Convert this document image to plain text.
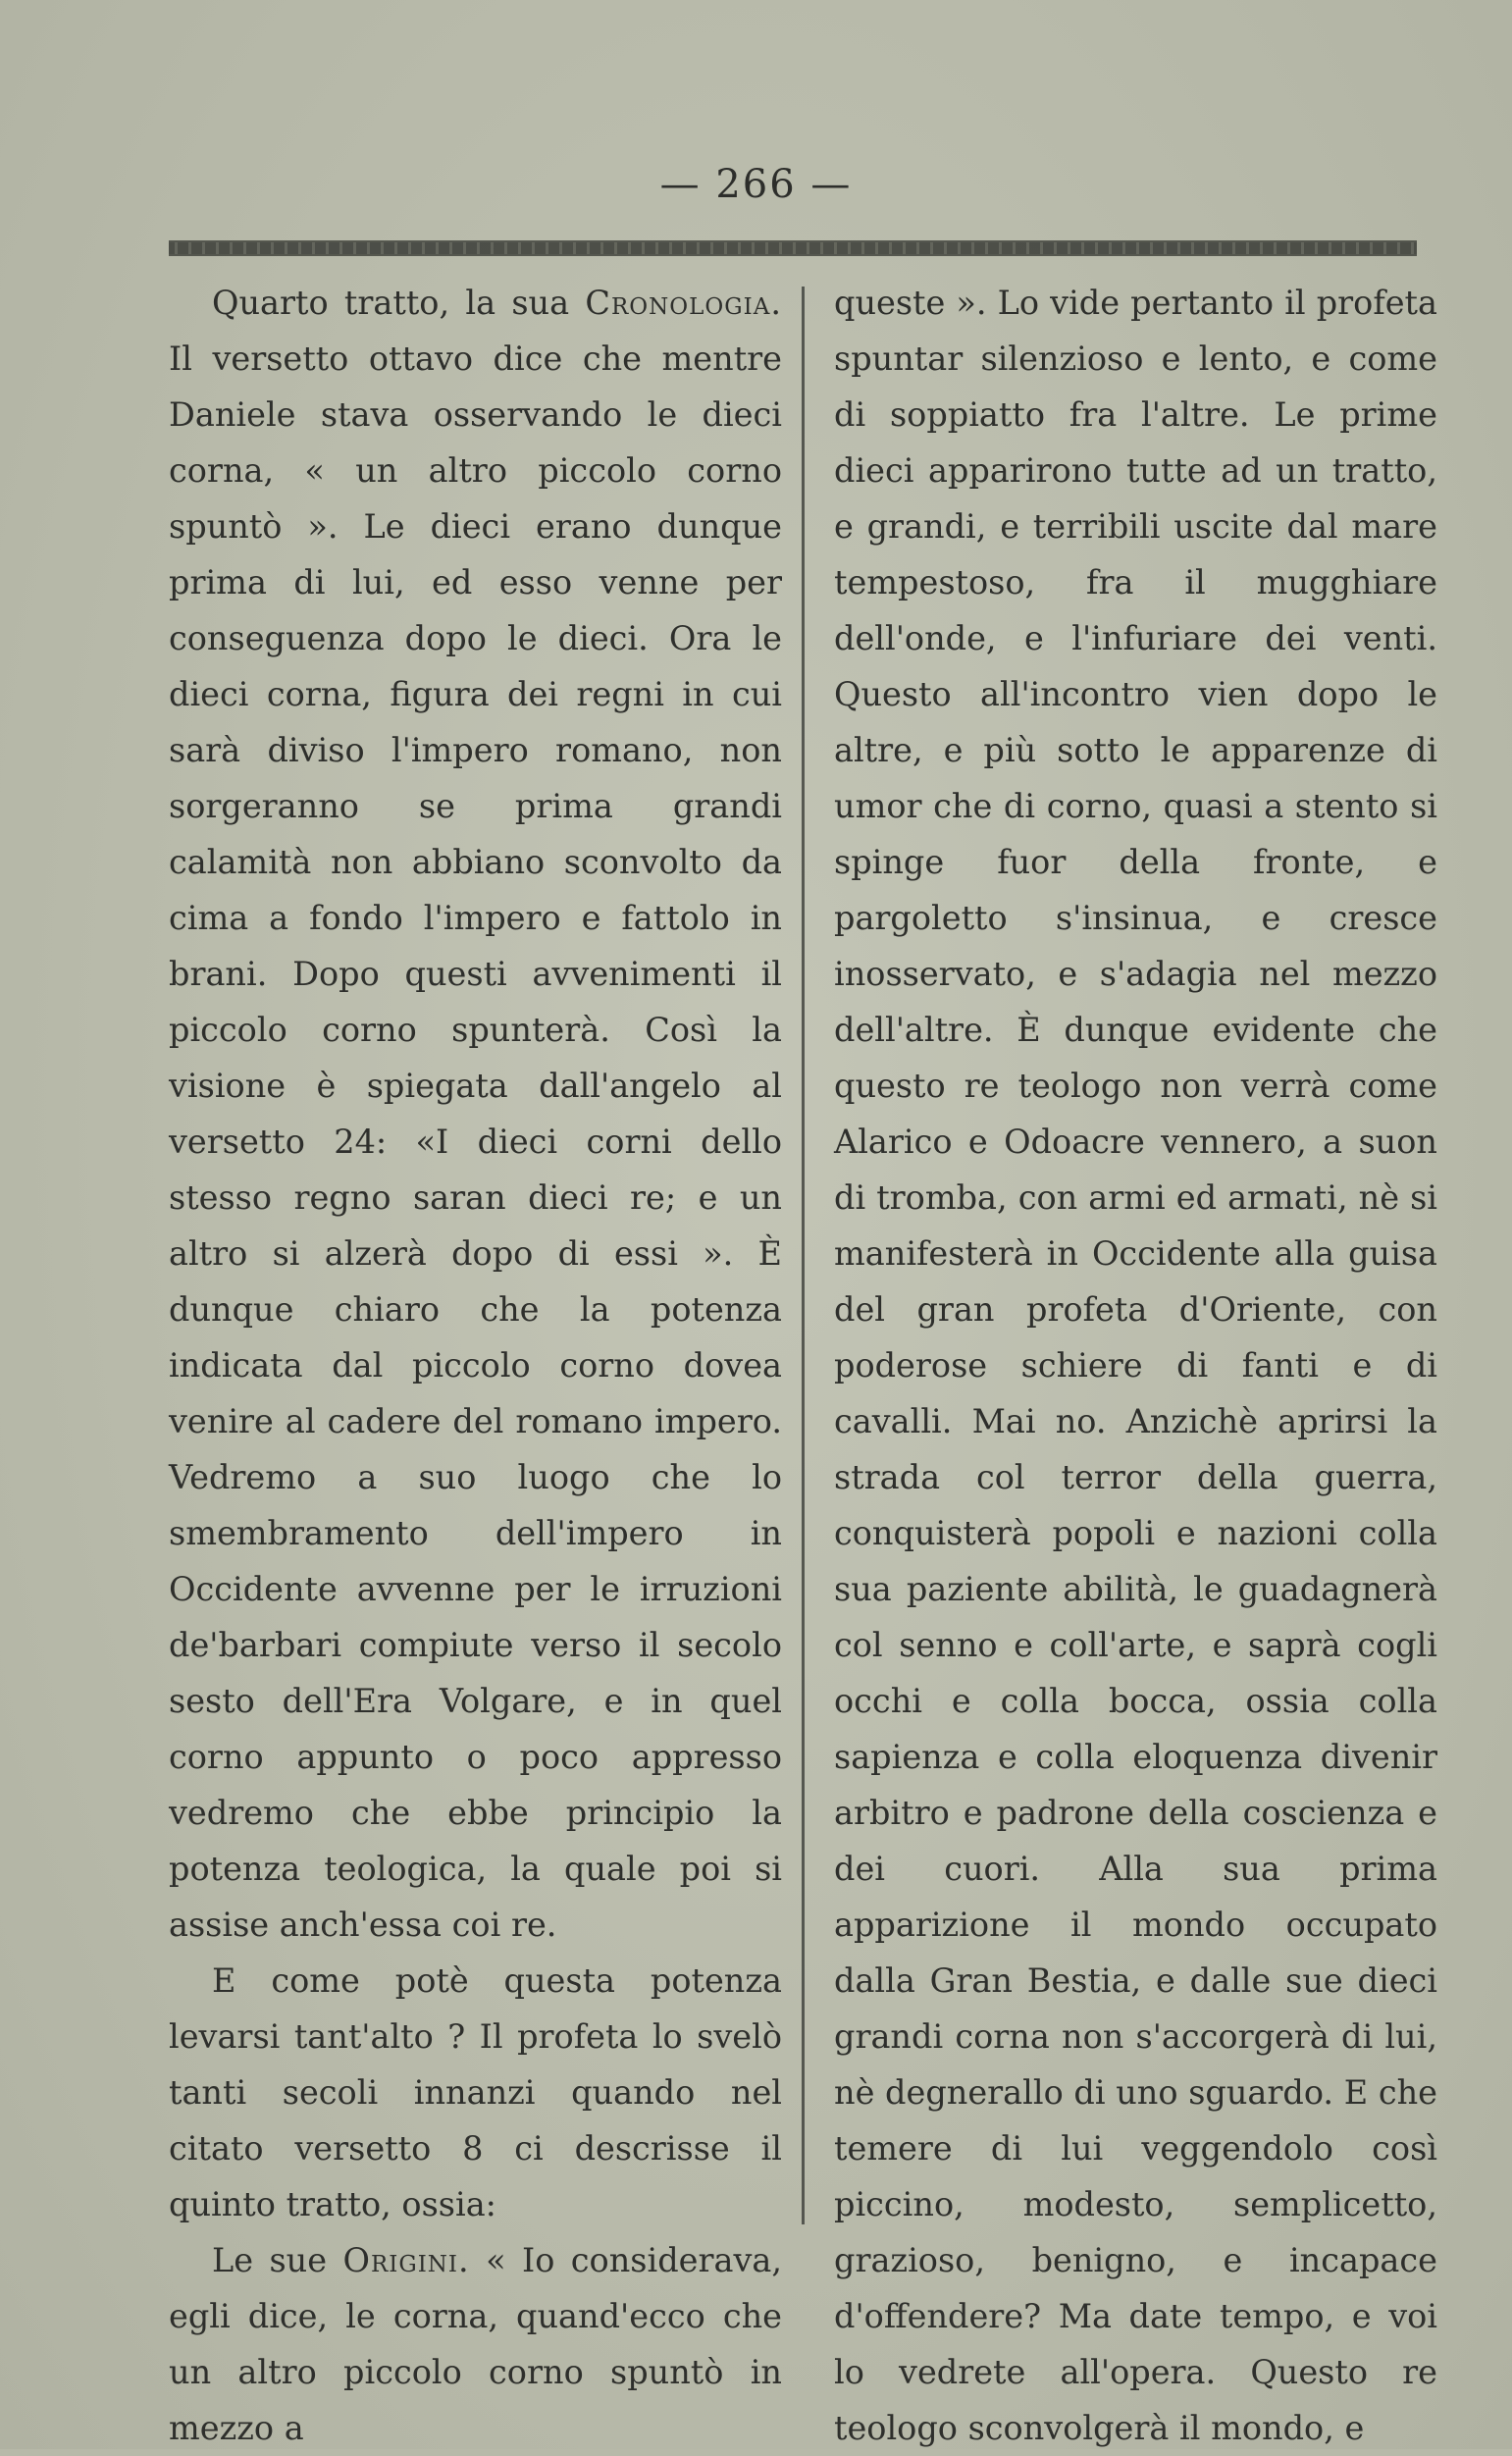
— 266 —

Quarto tratto, la sua Cronologia. Il versetto ottavo dice che mentre Daniele stava osservando le dieci corna, « un altro piccolo corno spuntò ». Le dieci erano dunque prima di lui, ed esso venne per conseguenza dopo le dieci. Ora le dieci corna, figura dei regni in cui sarà diviso l'impero romano, non sorgeranno se prima grandi calamità non abbiano sconvolto da cima a fondo l'impero e fattolo in brani. Dopo questi avvenimenti il piccolo corno spunterà. Così la visione è spiegata dall'angelo al versetto 24: «I dieci corni dello stesso regno saran dieci re; e un altro si alzerà dopo di essi ». È dunque chiaro che la potenza indicata dal piccolo corno dovea venire al cadere del romano impero. Vedremo a suo luogo che lo smembramento dell'impero in Occidente avvenne per le irruzioni de'barbari compiute verso il secolo sesto dell'Era Volgare, e in quel corno appunto o poco appresso vedremo che ebbe principio la potenza teologica, la quale poi si assise anch'essa coi re.

E come potè questa potenza levarsi tant'alto ? Il profeta lo svelò tanti secoli innanzi quando nel citato versetto 8 ci descrisse il quinto tratto, ossia:

Le sue Origini. « Io considerava, egli dice, le corna, quand'ecco che un altro piccolo corno spuntò in mezzo a

queste ». Lo vide pertanto il profeta spuntar silenzioso e lento, e come di soppiatto fra l'altre. Le prime dieci apparirono tutte ad un tratto, e grandi, e terribili uscite dal mare tempestoso, fra il mugghiare dell'onde, e l'infuriare dei venti. Questo all'incontro vien dopo le altre, e più sotto le apparenze di umor che di corno, quasi a stento si spinge fuor della fronte, e pargoletto s'insinua, e cresce inosservato, e s'adagia nel mezzo dell'altre. È dunque evidente che questo re teologo non verrà come Alarico e Odoacre vennero, a suon di tromba, con armi ed armati, nè si manifesterà in Occidente alla guisa del gran profeta d'Oriente, con poderose schiere di fanti e di cavalli. Mai no. Anzichè aprirsi la strada col terror della guerra, conquisterà popoli e nazioni colla sua paziente abilità, le guadagnerà col senno e coll'arte, e saprà cogli occhi e colla bocca, ossia colla sapienza e colla eloquenza divenir arbitro e padrone della coscienza e dei cuori. Alla sua prima apparizione il mondo occupato dalla Gran Bestia, e dalle sue dieci grandi corna non s'accorgerà di lui, nè degnerallo di uno sguardo. E che temere di lui veggendolo così piccino, modesto, semplicetto, grazioso, benigno, e incapace d'offendere? Ma date tempo, e voi lo vedrete all'opera. Questo re teologo sconvolgerà il mondo, e
